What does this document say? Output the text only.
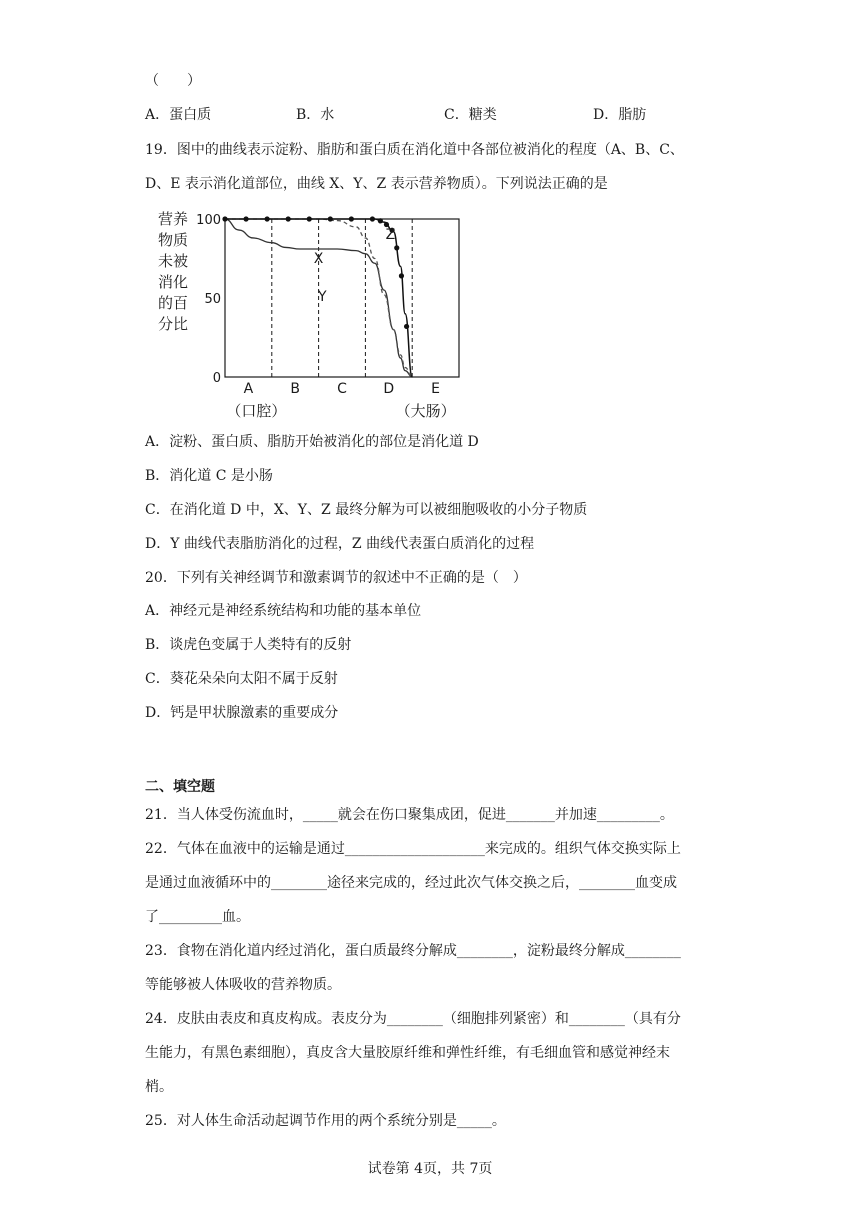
（　　）
A．蛋白质	B．水	C．糖类	D．脂肪
19．图中的曲线表示淀粉、脂肪和蛋白质在消化道中各部位被消化的程度（A、B、C、
D、E 表示消化道部位，曲线 X、Y、Z 表示营养物质）。下列说法正确的是
营养
物质
未被
消化
的百
分比
100
50
0
X
Y
Z
A
（口腔）
B	C	D	E
（大肠）
A．淀粉、蛋白质、脂肪开始被消化的部位是消化道 D
B．消化道 C 是小肠
C．在消化道 D 中，X、Y、Z 最终分解为可以被细胞吸收的小分子物质
D．Y 曲线代表脂肪消化的过程，Z 曲线代表蛋白质消化的过程
20．下列有关神经调节和激素调节的叙述中不正确的是（　）
A．神经元是神经系统结构和功能的基本单位
B．谈虎色变属于人类特有的反射
C．葵花朵朵向太阳不属于反射
D．钙是甲状腺激素的重要成分
二、填空题
21．当人体受伤流血时，_____就会在伤口聚集成团，促进_______并加速_________。
22．气体在血液中的运输是通过____________________来完成的。组织气体交换实际上
是通过血液循环中的________途径来完成的，经过此次气体交换之后，________血变成
了_________血。
23．食物在消化道内经过消化，蛋白质最终分解成________，淀粉最终分解成________
等能够被人体吸收的营养物质。
24．皮肤由表皮和真皮构成。表皮分为________（细胞排列紧密）和________（具有分
生能力，有黑色素细胞），真皮含大量胶原纤维和弹性纤维，有毛细血管和感觉神经末
梢。
25．对人体生命活动起调节作用的两个系统分别是_____。
试卷第 4页，共 7页
